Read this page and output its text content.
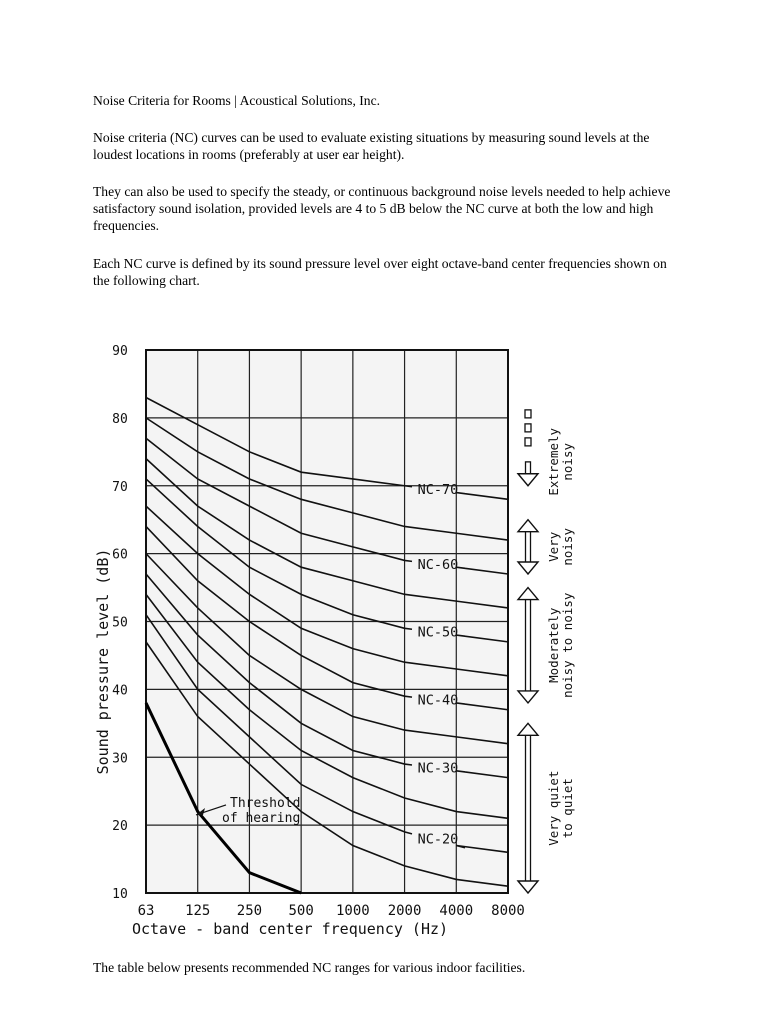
Noise Criteria for Rooms | Acoustical Solutions, Inc.

Noise criteria (NC) curves can be used to evaluate existing situations by measuring sound levels at the loudest locations in rooms (preferably at user ear height).

They can also be used to specify the steady, or continuous background noise levels needed to help achieve satisfactory sound isolation, provided levels are 4 to 5 dB below the NC curve at both the low and high frequencies.

Each NC curve is defined by its sound pressure level over eight octave-band center frequencies shown on the following chart.

90
80
70
60
50
40
30
20
10
63 125 250 500 1000 2000 4000 8000
Octave - band center frequency (Hz)
Sound pressure level (dB)
NC-70
NC-60
NC-50
NC-40
NC-30
NC-20
Threshold
of hearing
Extremely noisy
Very noisy
Moderately noisy to noisy
Very quiet to quiet

The table below presents recommended NC ranges for various indoor facilities.
